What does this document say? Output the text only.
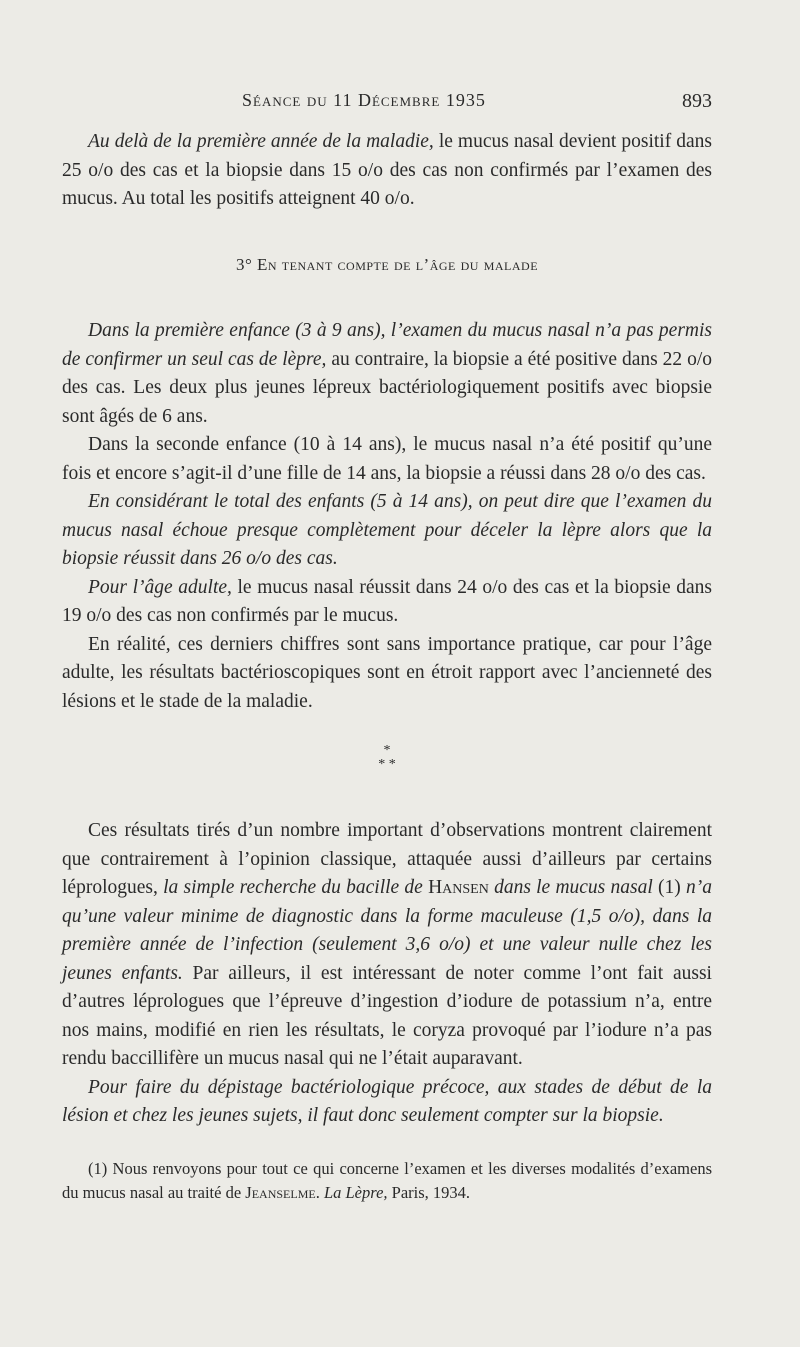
Séance du 11 Décembre 1935	893

Au delà de la première année de la maladie, le mucus nasal devient positif dans 25 o/o des cas et la biopsie dans 15 o/o des cas non confirmés par l’examen des mucus. Au total les positifs atteignent 40 o/o.

3° En tenant compte de l’âge du malade

Dans la première enfance (3 à 9 ans), l’examen du mucus nasal n’a pas permis de confirmer un seul cas de lèpre, au contraire, la biopsie a été positive dans 22 o/o des cas. Les deux plus jeunes lépreux bactériologiquement positifs avec biopsie sont âgés de 6 ans.

Dans la seconde enfance (10 à 14 ans), le mucus nasal n’a été positif qu’une fois et encore s’agit-il d’une fille de 14 ans, la biopsie a réussi dans 28 o/o des cas.

En considérant le total des enfants (5 à 14 ans), on peut dire que l’examen du mucus nasal échoue presque complètement pour déceler la lèpre alors que la biopsie réussit dans 26 o/o des cas.

Pour l’âge adulte, le mucus nasal réussit dans 24 o/o des cas et la biopsie dans 19 o/o des cas non confirmés par le mucus.

En réalité, ces derniers chiffres sont sans importance pratique, car pour l’âge adulte, les résultats bactérioscopiques sont en étroit rapport avec l’ancienneté des lésions et le stade de la maladie.

*
* *

Ces résultats tirés d’un nombre important d’observations montrent clairement que contrairement à l’opinion classique, attaquée aussi d’ailleurs par certains léprologues, la simple recherche du bacille de Hansen dans le mucus nasal (1) n’a qu’une valeur minime de diagnostic dans la forme maculeuse (1,5 o/o), dans la première année de l’infection (seulement 3,6 o/o) et une valeur nulle chez les jeunes enfants. Par ailleurs, il est intéressant de noter comme l’ont fait aussi d’autres léprologues que l’épreuve d’ingestion d’iodure de potassium n’a, entre nos mains, modifié en rien les résultats, le coryza provoqué par l’iodure n’a pas rendu baccillifère un mucus nasal qui ne l’était auparavant.

Pour faire du dépistage bactériologique précoce, aux stades de début de la lésion et chez les jeunes sujets, il faut donc seulement compter sur la biopsie.

(1) Nous renvoyons pour tout ce qui concerne l’examen et les diverses modalités d’examens du mucus nasal au traité de Jeanselme. La Lèpre, Paris, 1934.
